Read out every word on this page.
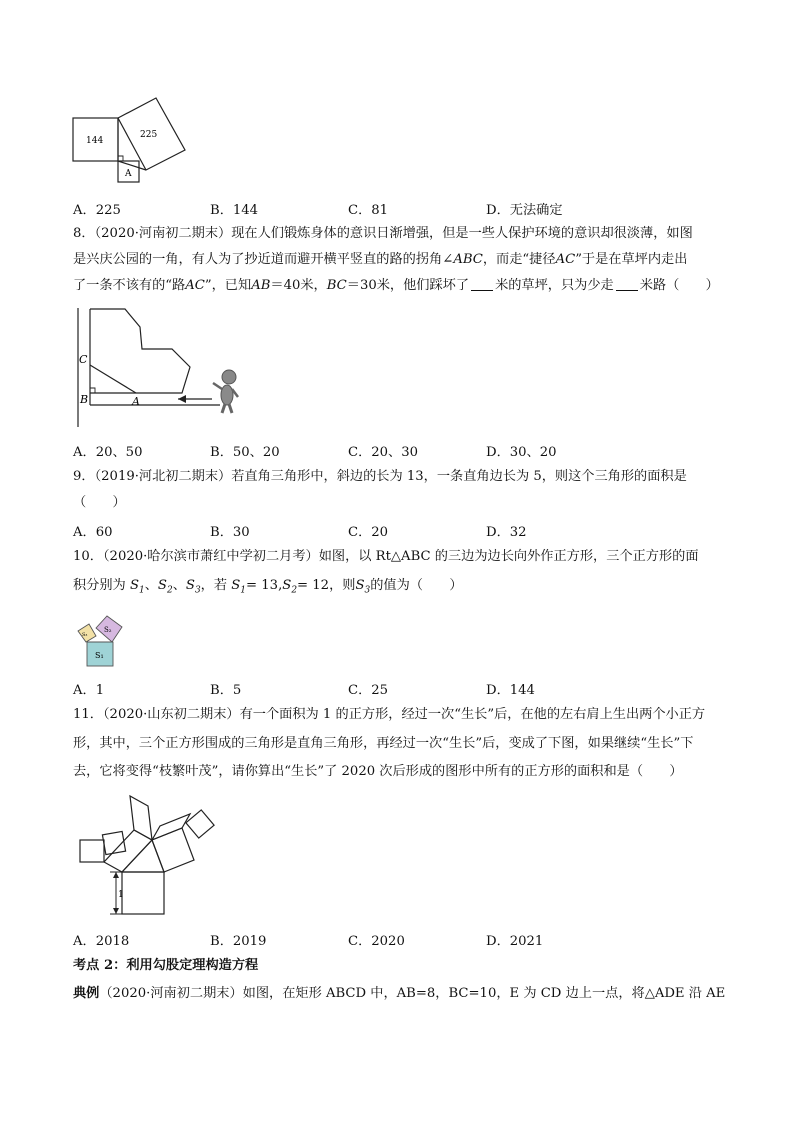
144
225
A
A．225	B．144	C．81	D．无法确定
8．（2020·河南初二期末）现在人们锻炼身体的意识日渐增强，但是一些人保护环境的意识却很淡薄，如图
是兴庆公园的一角，有人为了抄近道而避开横平竖直的路的拐角∠ABC，而走“捷径AC”于是在草坪内走出
了一条不该有的“路AC”，已知AB＝40米，BC＝30米，他们踩坏了 米的草坪，只为少走 米路（　　）
C
B	A
A．20、50	B．50、20	C．20、30	D．30、20
9．（2019·河北初二期末）若直角三角形中，斜边的长为 13，一条直角边长为 5，则这个三角形的面积是
（　　）
A．60	B．30	C．20	D．32
10．（2020·哈尔滨市萧红中学初二月考）如图，以 Rt△ABC 的三边为边长向外作正方形，三个正方形的面
积分别为 $S_1$、$S_2$、$S_3$，若 $S_1= 13,S_2= 12$，则$S_3$的值为（　　）
S₁
S₂
S₃
A．1	B．5	C．25	D．144
11．（2020·山东初二期末）有一个面积为 1 的正方形，经过一次“生长”后，在他的左右肩上生出两个小正方
形，其中，三个正方形围成的三角形是直角三角形，再经过一次“生长”后，变成了下图，如果继续“生长”下
去，它将变得“枝繁叶茂”，请你算出“生长”了 2020 次后形成的图形中所有的正方形的面积和是（　　）
1
A．2018	B．2019	C．2020	D．2021
考点 2：利用勾股定理构造方程
典例（2020·河南初二期末）如图，在矩形 ABCD 中，AB=8，BC=10，E 为 CD 边上一点，将△ADE 沿 AE
